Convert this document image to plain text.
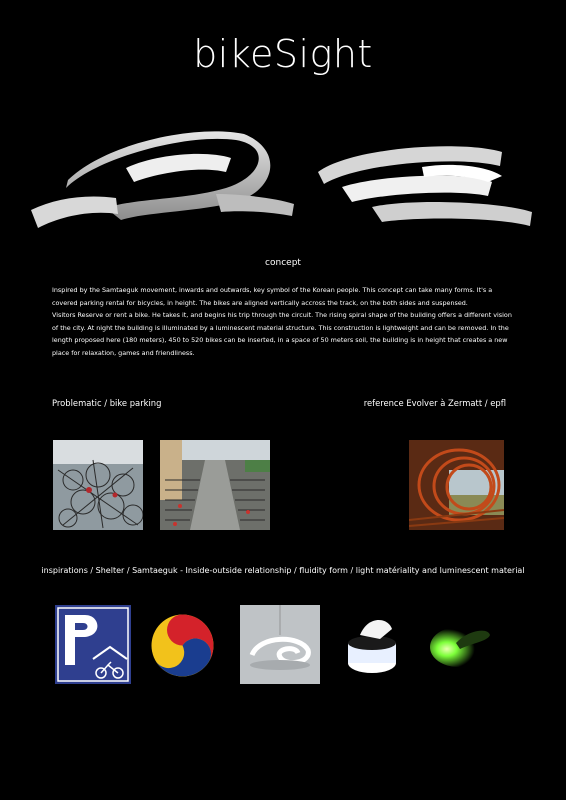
bikeSight
concept

Inspired by the Samtaeguk movement, inwards and outwards, key symbol of the Korean people. This concept can take many forms. It's a covered parking rental for bicycles, in height. The bikes are aligned vertically accross the track, on the both sides and suspensed.

Visitors Reserve or rent a bike. He takes it, and begins his trip through the circuit. The rising spiral shape of the building offers a different vision of the city. At night the building is illuminated by a luminescent material structure. This construction is lightweight and can be removed. In the length proposed here (180 meters), 450 to 520 bikes can be inserted, in a space of 50 meters soil, the building is in height that creates a new place for relaxation, games and friendliness.

Problematic / bike parking	reference Evolver à Zermatt / epfl
inspirations / Shelter / Samtaeguk - Inside-outside relationship / fluidity form / light matériality and luminescent material
